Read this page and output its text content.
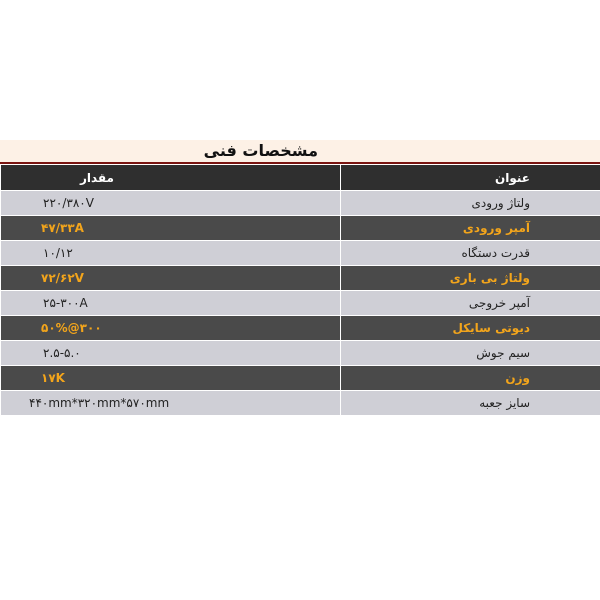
مشخصات فنی
مقدار	عنوان
۲۲۰/۳۸۰V	ولتاژ ورودی
۴۷/۳۳A	آمپر ورودی
۱۰/۱۲	قدرت دستگاه
۷۲/۶۲V	ولتاژ بی باری
۲۵-۳۰۰A	آمپر خروجی
۵۰%@۳۰۰	دیوتی سایکل
۲.۵-۵.۰	سیم جوش
۱۷K	وزن
۴۴۰mm*۳۲۰mm*۵۷۰mm	سایز جعبه
